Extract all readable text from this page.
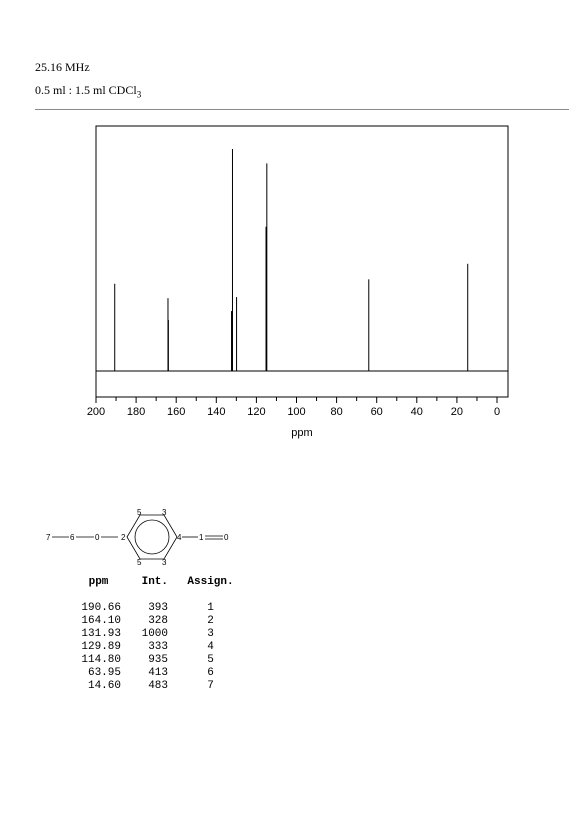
25.16 MHz
0.5 ml : 1.5 ml CDCl$_3$
200 180 160 140 120 100 80	60	40	20	0
ppm
7 6	0	2
5	3
4
5	3
1	0
ppm	Int.	Assign.
190.66	393	1
164.10	328	2
131.93	1000	3
129.89	333	4
114.80	935	5
63.95	413	6
14.60	483	7
